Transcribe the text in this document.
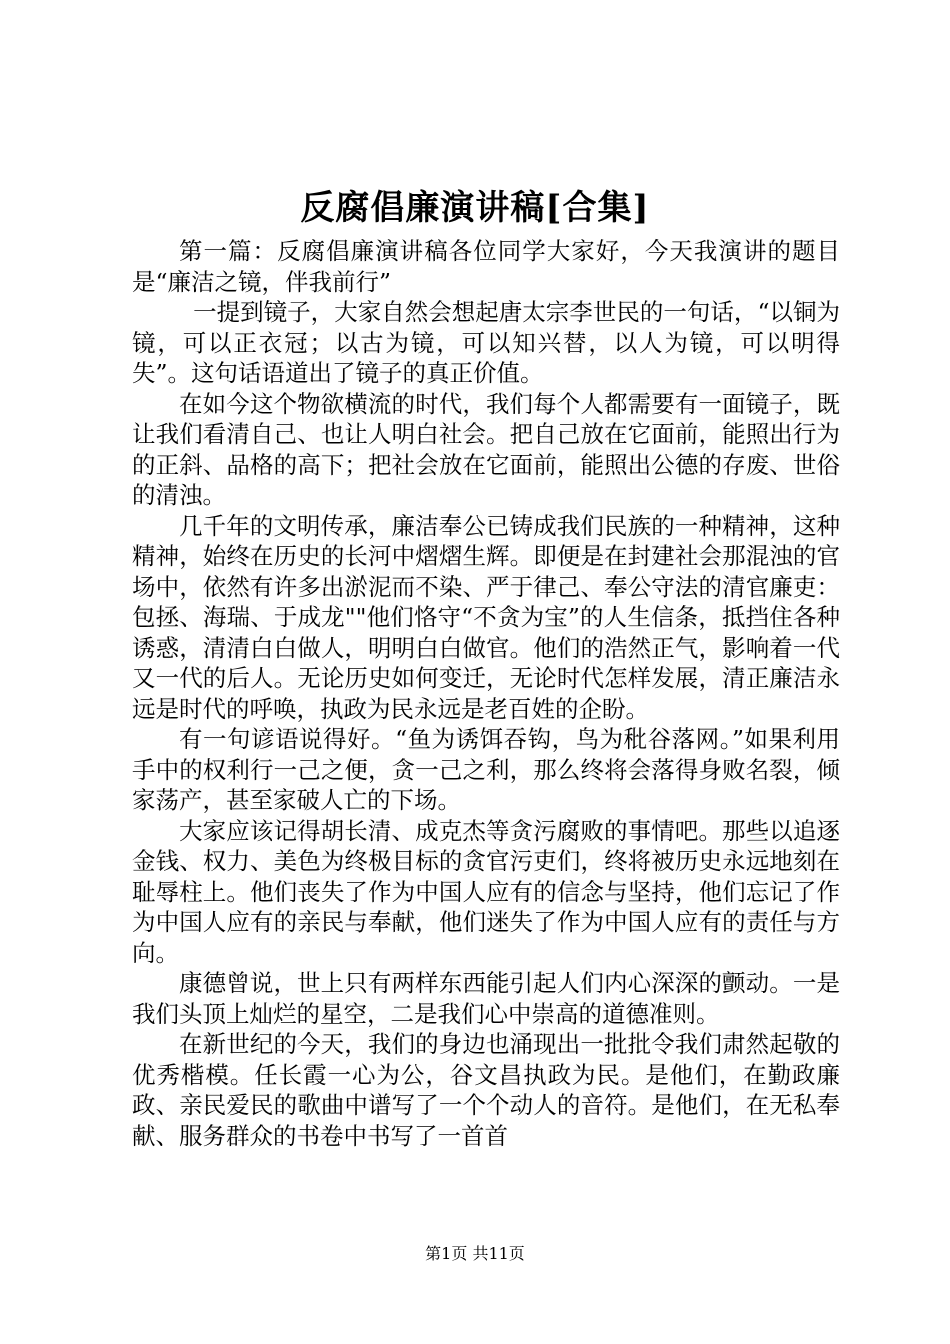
反腐倡廉演讲稿[合集]

第一篇：反腐倡廉演讲稿各位同学大家好，今天我演讲的题目是“廉洁之镜，伴我前行”

一提到镜子，大家自然会想起唐太宗李世民的一句话，“以铜为镜，可以正衣冠；以古为镜，可以知兴替，以人为镜，可以明得失”。这句话语道出了镜子的真正价值。

在如今这个物欲横流的时代，我们每个人都需要有一面镜子，既让我们看清自己、也让人明白社会。把自己放在它面前，能照出行为的正斜、品格的高下；把社会放在它面前，能照出公德的存废、世俗的清浊。

几千年的文明传承，廉洁奉公已铸成我们民族的一种精神，这种精神，始终在历史的长河中熠熠生辉。即便是在封建社会那混浊的官场中，依然有许多出淤泥而不染、严于律己、奉公守法的清官廉吏：包拯、海瑞、于成龙""他们恪守“不贪为宝”的人生信条，抵挡住各种诱惑，清清白白做人，明明白白做官。他们的浩然正气，影响着一代又一代的后人。无论历史如何变迁，无论时代怎样发展，清正廉洁永远是时代的呼唤，执政为民永远是老百姓的企盼。

有一句谚语说得好。“鱼为诱饵吞钩，鸟为秕谷落网。”如果利用手中的权利行一己之便，贪一己之利，那么终将会落得身败名裂，倾家荡产，甚至家破人亡的下场。

大家应该记得胡长清、成克杰等贪污腐败的事情吧。那些以追逐金钱、权力、美色为终极目标的贪官污吏们，终将被历史永远地刻在耻辱柱上。他们丧失了作为中国人应有的信念与坚持，他们忘记了作为中国人应有的亲民与奉献，他们迷失了作为中国人应有的责任与方向。

康德曾说，世上只有两样东西能引起人们内心深深的颤动。一是我们头顶上灿烂的星空，二是我们心中崇高的道德准则。

在新世纪的今天，我们的身边也涌现出一批批令我们肃然起敬的优秀楷模。任长霞一心为公，谷文昌执政为民。是他们，在勤政廉政、亲民爱民的歌曲中谱写了一个个动人的音符。是他们，在无私奉献、服务群众的书卷中书写了一首首

第1页 共11页
